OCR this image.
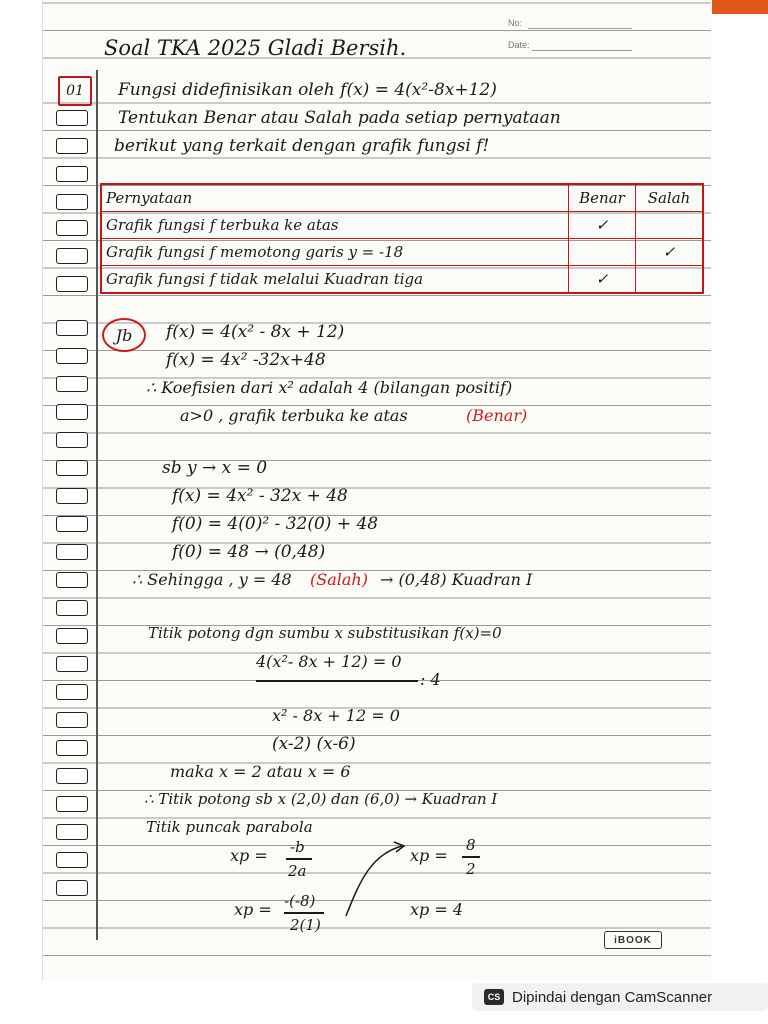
No:
Date:
Soal TKA 2025 Gladi Bersih.
01	Fungsi didefinisikan oleh f(x) = 4(x²-8x+12)
Tentukan Benar atau Salah pada setiap pernyataan
berikut yang terkait dengan grafik fungsi f!
Pernyataan	Benar	Salah
Grafik fungsi f terbuka ke atas	✓	
Grafik fungsi f memotong garis y = -18		✓
Grafik fungsi f tidak melalui Kuadran tiga	✓	
Jb	f(x) = 4(x² - 8x + 12)
f(x) = 4x² -32x+48
∴ Koefisien dari x² adalah 4 (bilangan positif)
a>0 , grafik terbuka ke atas	(Benar)
sb y → x = 0
f(x) = 4x² - 32x + 48
f(0) = 4(0)² - 32(0) + 48
f(0) = 48 → (0,48)
∴ Sehingga , y = 48 (Salah) → (0,48) Kuadran I
Titik potong dgn sumbu x substitusikan f(x)=0
4(x²- 8x + 12) = 0
: 4
x² - 8x + 12 = 0
(x-2) (x-6)
maka x = 2 atau x = 6
∴ Titik potong sb x (2,0) dan (6,0) → Kuadran I
Titik puncak parabola
xp = -b
2a
xp = -(-8)
2(1)
xp =
8
2
xp = 4
iBOOK
CS Dipindai dengan CamScanner
